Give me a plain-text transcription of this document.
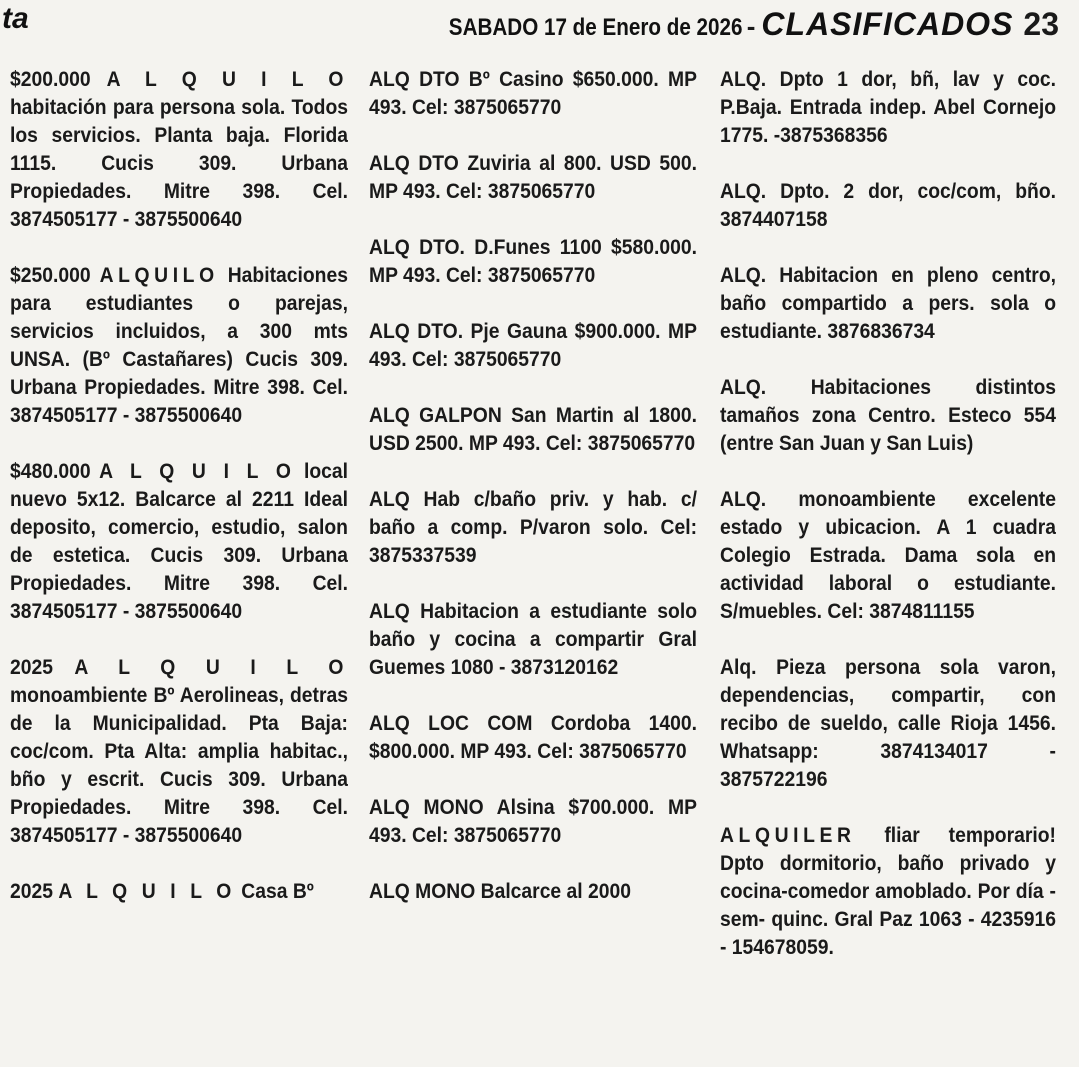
ta	SABADO 17 de Enero de 2026 - CLASIFICADOS 23

$200.000 A L Q U I L O habitación para persona sola. Todos los servicios. Planta baja. Florida 1115. Cucis 309. Urbana Propiedades. Mitre 398. Cel. 3874505177 - 3875500640

$250.000 ALQUILO Habitaciones para estudiantes o parejas, servicios incluidos, a 300 mts UNSA. (Bº Castañares) Cucis 309. Urbana Propiedades. Mitre 398. Cel. 3874505177 - 3875500640

$480.000 A L Q U I L O local nuevo 5x12. Balcarce al 2211 Ideal deposito, comercio, estudio, salon de estetica. Cucis 309. Urbana Propiedades. Mitre 398. Cel. 3874505177 - 3875500640

2025 A L Q U I L O monoambiente Bº Aerolineas, detras de la Municipalidad. Pta Baja: coc/com. Pta Alta: amplia habitac., bño y escrit. Cucis 309. Urbana Propiedades. Mitre 398. Cel. 3874505177 - 3875500640

2025 A L Q U I L O Casa Bº

ALQ DTO Bº Casino $650.000. MP 493. Cel: 3875065770

ALQ DTO Zuviria al 800. USD 500. MP 493. Cel: 3875065770

ALQ DTO. D.Funes 1100 $580.000. MP 493. Cel: 3875065770

ALQ DTO. Pje Gauna $900.000. MP 493. Cel: 3875065770

ALQ GALPON San Martin al 1800. USD 2500. MP 493. Cel: 3875065770

ALQ Hab c/baño priv. y hab. c/ baño a comp. P/varon solo. Cel: 3875337539

ALQ Habitacion a estudiante solo baño y cocina a compartir Gral Guemes 1080 - 3873120162

ALQ LOC COM Cordoba 1400. $800.000. MP 493. Cel: 3875065770

ALQ MONO Alsina $700.000. MP 493. Cel: 3875065770

ALQ MONO Balcarce al 2000

ALQ. Dpto 1 dor, bñ, lav y coc. P.Baja. Entrada indep. Abel Cornejo 1775. -3875368356

ALQ. Dpto. 2 dor, coc/com, bño. 3874407158

ALQ. Habitacion en pleno centro, baño compartido a pers. sola o estudiante. 3876836734

ALQ. Habitaciones distintos tamaños zona Centro. Esteco 554 (entre San Juan y San Luis)

ALQ. monoambiente excelente estado y ubicacion. A 1 cuadra Colegio Estrada. Dama sola en actividad laboral o estudiante. S/muebles. Cel: 3874811155

Alq. Pieza persona sola varon, dependencias, compartir, con recibo de sueldo, calle Rioja 1456. Whatsapp: 3874134017 - 3875722196

ALQUILER fliar temporario! Dpto dormitorio, baño privado y cocina-comedor amoblado. Por día -sem- quinc. Gral Paz 1063 - 4235916 - 154678059.
